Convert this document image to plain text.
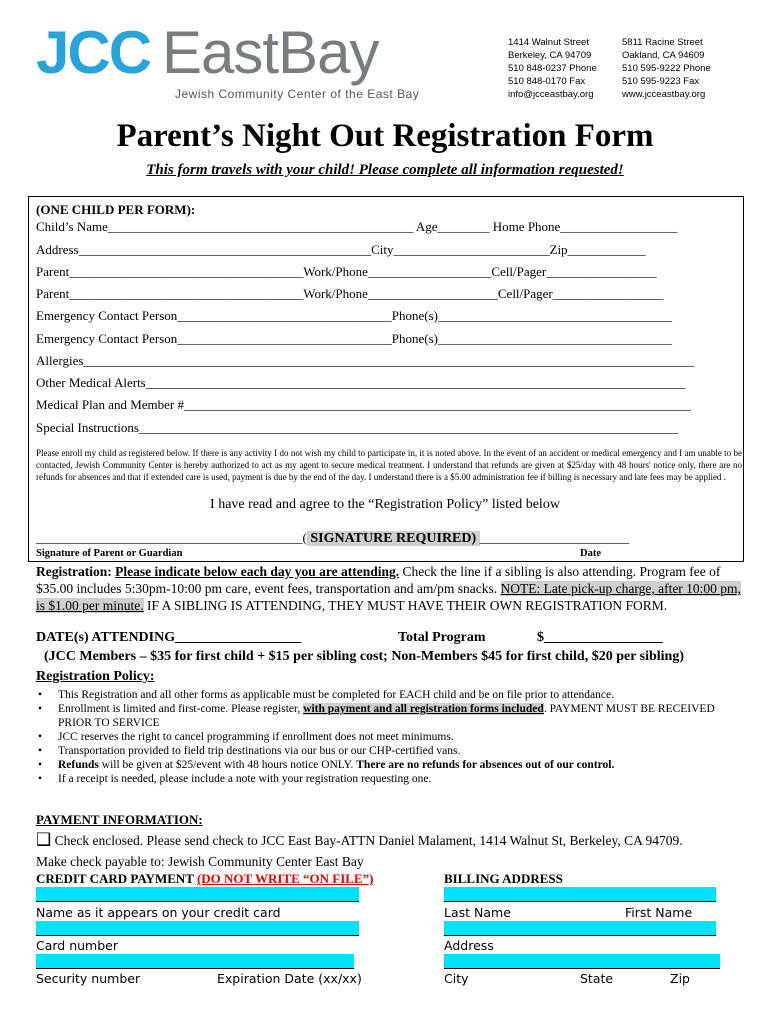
JCC EastBay
Jewish Community Center of the East Bay
1414 Walnut Street
Berkeley, CA 94709
510 848-0237 Phone
510 848-0170 Fax
info@jcceastbay.org
5811 Racine Street
Oakland, CA 94609
510 595-9222 Phone
510 595-9223 Fax
www.jcceastbay.org
Parent’s Night Out Registration Form
This form travels with your child! Please complete all information requested!
(ONE CHILD PER FORM):
Child’s Name_______________________________________________ Age________ Home Phone__________________
Address_____________________________________________City________________________Zip____________
Parent____________________________________Work/Phone___________________Cell/Pager_________________
Parent____________________________________Work/Phone____________________Cell/Pager_________________
Emergency Contact Person_________________________________Phone(s)____________________________________
Emergency Contact Person_________________________________Phone(s)____________________________________
Allergies______________________________________________________________________________________________
Other Medical Alerts___________________________________________________________________________________
Medical Plan and Member #______________________________________________________________________________
Special Instructions___________________________________________________________________________________
Please enroll my child as registered below. If there is any activity I do not wish my child to participate in, it is noted above. In the event of an accident or medical emergency and I am unable to be contacted, Jewish Community Center is hereby authorized to act as my agent to secure medical treatment. I understand that refunds are given at $25/day with 48 hours' notice only, there are no refunds for absences and that if extended care is used, payment is due by the end of the day. I understand there is a $5.00 administration fee if billing is necessary and late fees may be applied .
I have read and agree to the “Registration Policy” listed below
_________________________________________( SIGNATURE REQUIRED) _______________________
Signature of Parent or Guardian	Date
Registration: Please indicate below each day you are attending. Check the line if a sibling is also attending. Program fee of $35.00 includes 5:30pm-10:00 pm care, event fees, transportation and am/pm snacks. NOTE: Late pick-up charge, after 10:00 pm, is $1.00 per minute. IF A SIBLING IS ATTENDING, THEY MUST HAVE THEIR OWN REGISTRATION FORM.
DATE(s) ATTENDING__________________	Total Program	$_________________
(JCC Members – $35 for first child + $15 per sibling cost; Non-Members $45 for first child, $20 per sibling)
Registration Policy:
• This Registration and all other forms as applicable must be completed for EACH child and be on file prior to attendance.
• Enrollment is limited and first-come. Please register, with payment and all registration forms included. PAYMENT MUST BE RECEIVED PRIOR TO SERVICE
• JCC reserves the right to cancel programming if enrollment does not meet minimums.
• Transportation provided to field trip destinations via our bus or our CHP-certified vans.
• Refunds will be given at $25/event with 48 hours notice ONLY. There are no refunds for absences out of our control.
• If a receipt is needed, please include a note with your registration requesting one.
PAYMENT INFORMATION:
❑ Check enclosed. Please send check to JCC East Bay-ATTN Daniel Malament, 1414 Walnut St, Berkeley, CA 94709.
Make check payable to: Jewish Community Center East Bay
CREDIT CARD PAYMENT (DO NOT WRITE “ON FILE”)	BILLING ADDRESS
Name as it appears on your credit card
Card number
Security number	Expiration Date (xx/xx)
Last Name	First Name
Address
City	State	Zip
